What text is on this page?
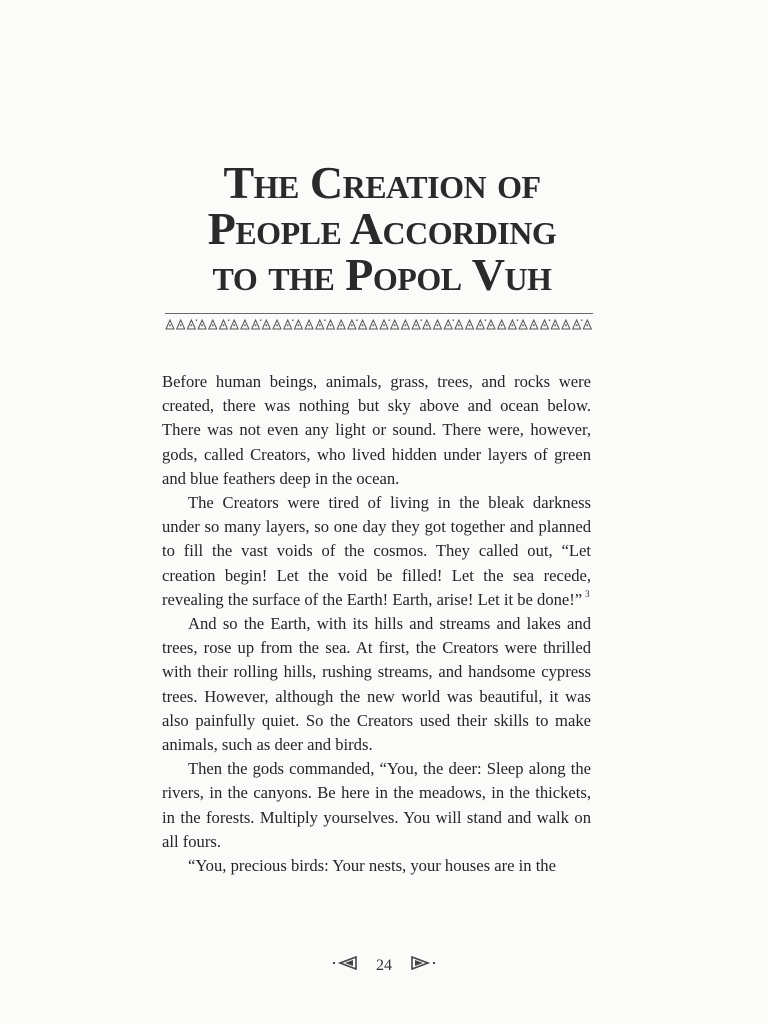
The Creation of
People According
to the Popol Vuh

Before human beings, animals, grass, trees, and rocks were created, there was nothing but sky above and ocean below. There was not even any light or sound. There were, however, gods, called Creators, who lived hidden under layers of green and blue feathers deep in the ocean.

The Creators were tired of living in the bleak darkness under so many layers, so one day they got together and planned to fill the vast voids of the cosmos. They called out, “Let creation begin! Let the void be filled! Let the sea recede, revealing the surface of the Earth! Earth, arise! Let it be done!” $^3$

And so the Earth, with its hills and streams and lakes and trees, rose up from the sea. At first, the Creators were thrilled with their rolling hills, rushing streams, and handsome cypress trees. However, although the new world was beautiful, it was also painfully quiet. So the Creators used their skills to make animals, such as deer and birds.

Then the gods commanded, “You, the deer: Sleep along the rivers, in the canyons. Be here in the meadows, in the thickets, in the forests. Multiply yourselves. You will stand and walk on all fours.

“You, precious birds: Your nests, your houses are in the

24
